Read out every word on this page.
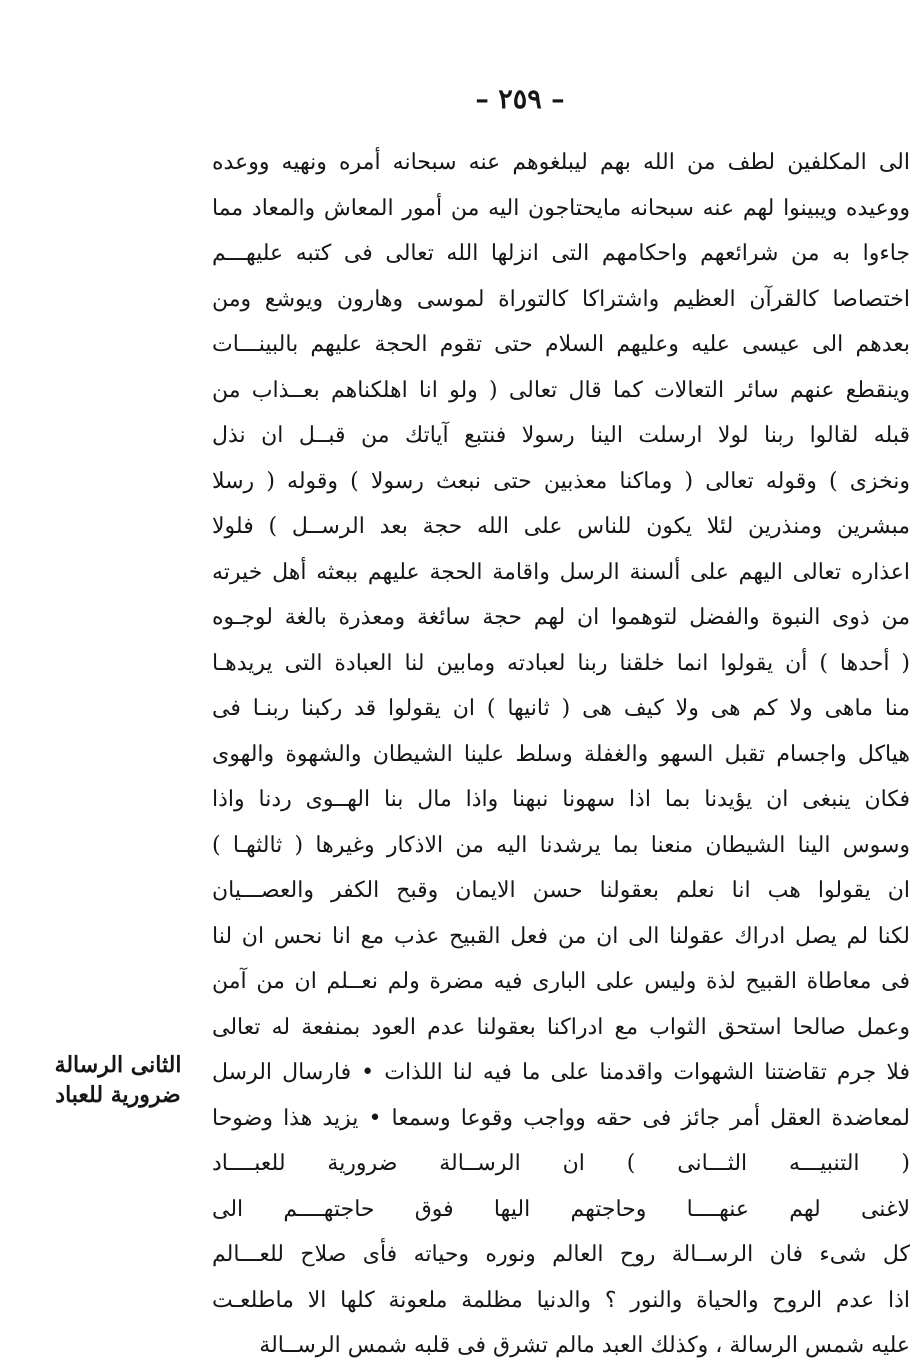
– ٢٥٩ –
الى المكلفين لطف من الله بهم ليبلغوهم عنه سبحانه أمره ونهيه ووعده
ووعيده ويبينوا لهم عنه سبحانه مايحتاجون اليه من أمور المعاش والمعاد مما
جاءوا به من شرائعهم واحكامهم التى انزلها الله تعالى فى كتبه عليهـــم
اختصاصا كالقرآن العظيم واشتراكا كالتوراة لموسى وهارون ويوشع ومن
بعدهم الى عيسى عليه وعليهم السلام حتى تقوم الحجة عليهم بالبينـــات
وينقطع عنهم سائر التعالات كما قال تعالى ( ولو انا اهلكناهم بعــذاب من
قبله لقالوا ربنا لولا ارسلت الينا رسولا فنتبع آياتك من قبــل ان نذل
ونخزى ) وقوله تعالى ( وماكنا معذبين حتى نبعث رسولا ) وقوله ( رسلا
مبشرين ومنذرين لئلا يكون للناس على الله حجة بعد الرســل ) فلولا
اعذاره تعالى اليهم على ألسنة الرسل واقامة الحجة عليهم ببعثه أهل خيرته
من ذوى النبوة والفضل لتوهموا ان لهم حجة سائغة ومعذرة بالغة لوجـوه
( أحدها ) أن يقولوا انما خلقنا ربنا لعبادته ومابين لنا العبادة التى يريدهـا
منا ماهى ولا كم هى ولا كيف هى ( ثانيها ) ان يقولوا قد ركبنا ربنـا فى
هياكل واجسام تقبل السهو والغفلة وسلط علينا الشيطان والشهوة والهوى
فكان ينبغى ان يؤيدنا بما اذا سهونا نبهنا واذا مال بنا الهــوى ردنا واذا
وسوس الينا الشيطان منعنا بما يرشدنا اليه من الاذكار وغيرها ( ثالثهـا )
ان يقولوا هب انا نعلم بعقولنا حسن الايمان وقبح الكفر والعصـــيان
لكنا لم يصل ادراك عقولنا الى ان من فعل القبيح عذب مع انا نحس ان لنا
فى معاطاة القبيح لذة وليس على البارى فيه مضرة ولم نعــلم ان من آمن
وعمل صالحا استحق الثواب مع ادراكنا بعقولنا عدم العود بمنفعة له تعالى
فلا جرم تقاضتنا الشهوات واقدمنا على ما فيه لنا اللذات • فارسال الرسل
لمعاضدة العقل أمر جائز فى حقه وواجب وقوعا وسمعا • يزيد هذا وضوحا
( التنبيـــه الثـــانى ) ان الرســالة ضرورية للعبــــاد
لاغنى لهم عنهــــا وحاجتهم اليها فوق حاجتهــــم الى
كل شىء فان الرســالة روح العالم ونوره وحياته فأى صلاح للعـــالم
اذا عدم الروح والحياة والنور ؟ والدنيا مظلمة ملعونة كلها الا ماطلعـت
عليه شمس الرسالة ، وكذلك العبد مالم تشرق فى قلبه شمس الرســالة
الثانى الرسالة
ضرورية للعباد
